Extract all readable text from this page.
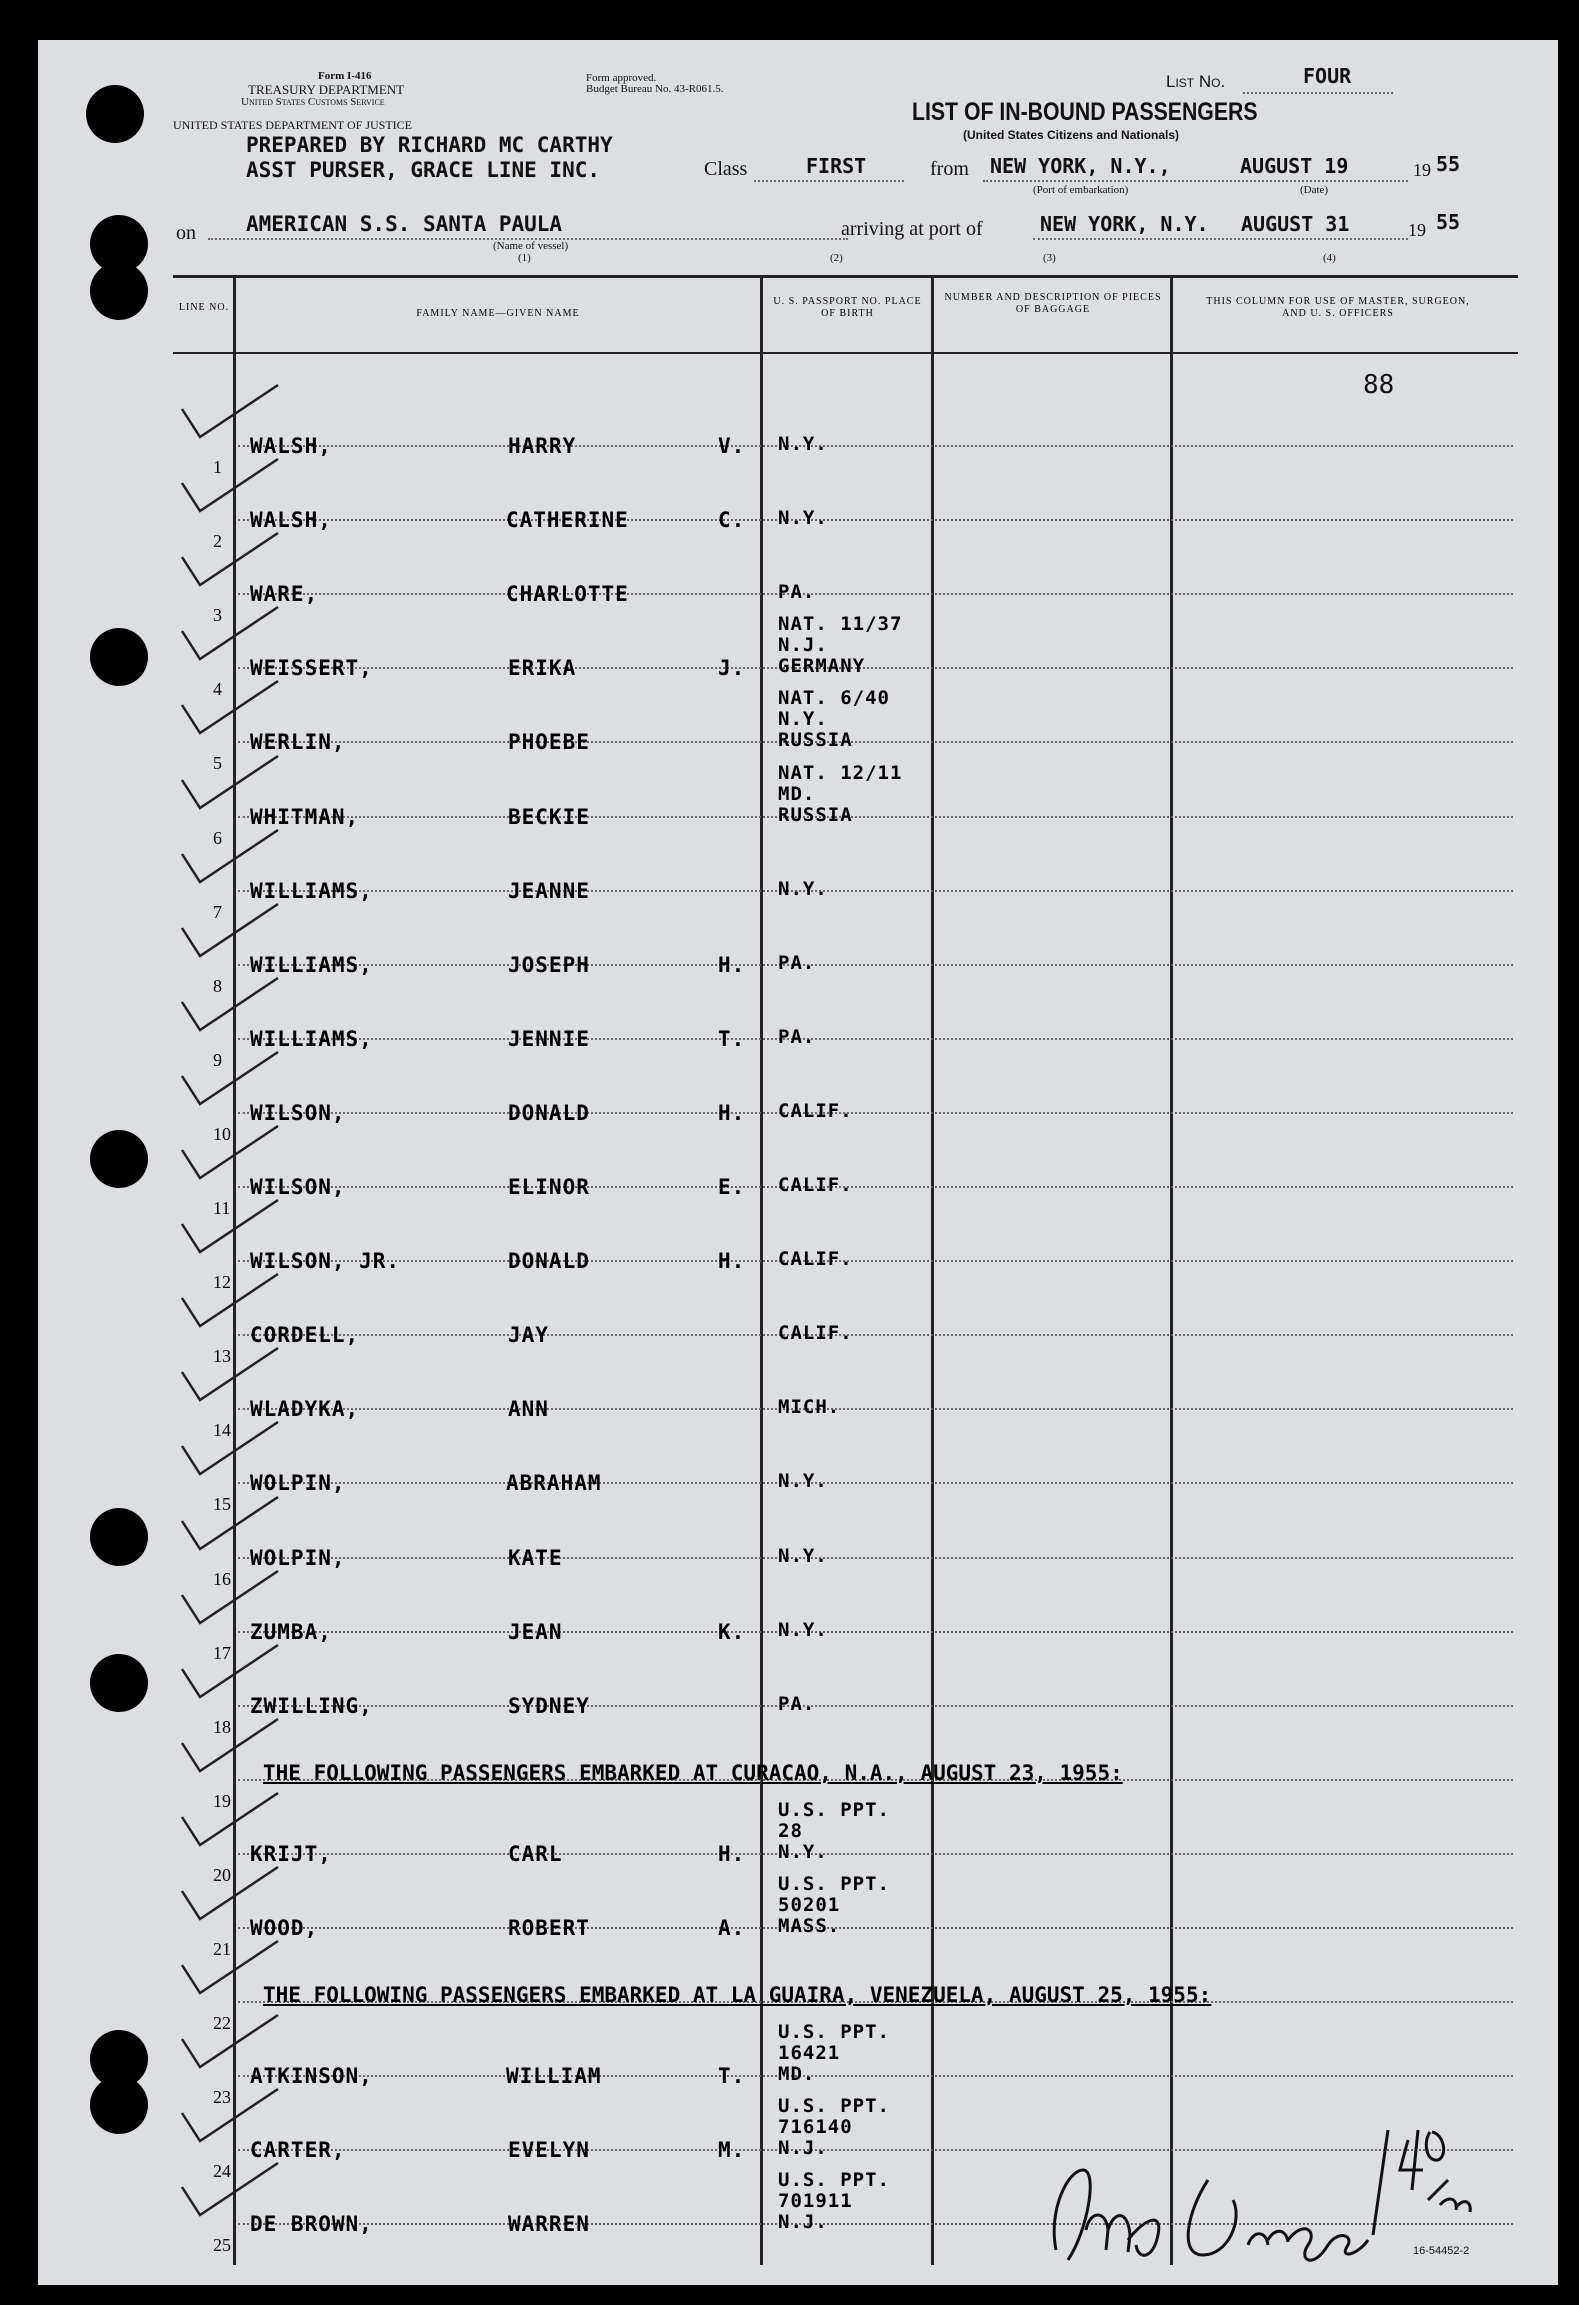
Form I-416
TREASURY DEPARTMENT
United States Customs Service
UNITED STATES DEPARTMENT OF JUSTICE
Form approved.
Budget Bureau No. 43-R061.5.	List No.	FOUR
LIST OF IN-BOUND PASSENGERS
(United States Citizens and Nationals)
PREPARED BY RICHARD MC CARTHY
ASST PURSER, GRACE LINE INC.	Class	FIRST	from NEW YORK, N.Y.,	AUGUST 19	19 55
(Port of embarkation)	(Date)
on AMERICAN S.S. SANTA PAULA
(Name of vessel)
(1)
arriving at port of	NEW YORK, N.Y. AUGUST 31	19 55
(2)	(3)	(4)
LINE NO.
FAMILY NAME—GIVEN NAME
U. S. PASSPORT NO. PLACE OF BIRTH
NUMBER AND DESCRIPTION OF PIECES OF BAGGAGE
THIS COLUMN FOR USE OF MASTER, SURGEON, AND U. S. OFFICERS
88
1
WALSH,	HARRY	V. N.Y.
2
WALSH,	CATHERINE	C. N.Y.
3
WARE,	CHARLOTTE	PA.
4
WEISSERT,	ERIKA	J.
NAT. 11/37
N.J.
GERMANY
5
WERLIN,	PHOEBE
NAT. 6/40
N.Y.
RUSSIA
6
WHITMAN,	BECKIE
NAT. 12/11
MD.
RUSSIA
7
WILLIAMS,	JEANNE	N.Y.
8
WILLIAMS,	JOSEPH	H. PA.
9
WILLIAMS,	JENNIE	T. PA.
10
WILSON,	DONALD	H. CALIF.
11
WILSON,	ELINOR	E. CALIF.
12
WILSON, JR.	DONALD	H. CALIF.
13
CORDELL,	JAY	CALIF.
14
WLADYKA,	ANN	MICH.
15
WOLPIN,	ABRAHAM	N.Y.
16
WOLPIN,	KATE	N.Y.
17
ZUMBA,	JEAN	K. N.Y.
18
ZWILLING,	SYDNEY	PA.
19
THE FOLLOWING PASSENGERS EMBARKED AT CURACAO, N.A., AUGUST 23, 1955:
20
KRIJT,	CARL	H.
U.S. PPT.
28
N.Y.
21
WOOD,	ROBERT	A.
U.S. PPT.
50201
MASS.
22
THE FOLLOWING PASSENGERS EMBARKED AT LA GUAIRA, VENEZUELA, AUGUST 25, 1955:
23
ATKINSON,	WILLIAM	T.
U.S. PPT.
16421
MD.
24
CARTER,	EVELYN	M.
U.S. PPT.
716140
N.J.
25
DE BROWN,	WARREN
U.S. PPT.
701911
N.J.
16-54452-2
